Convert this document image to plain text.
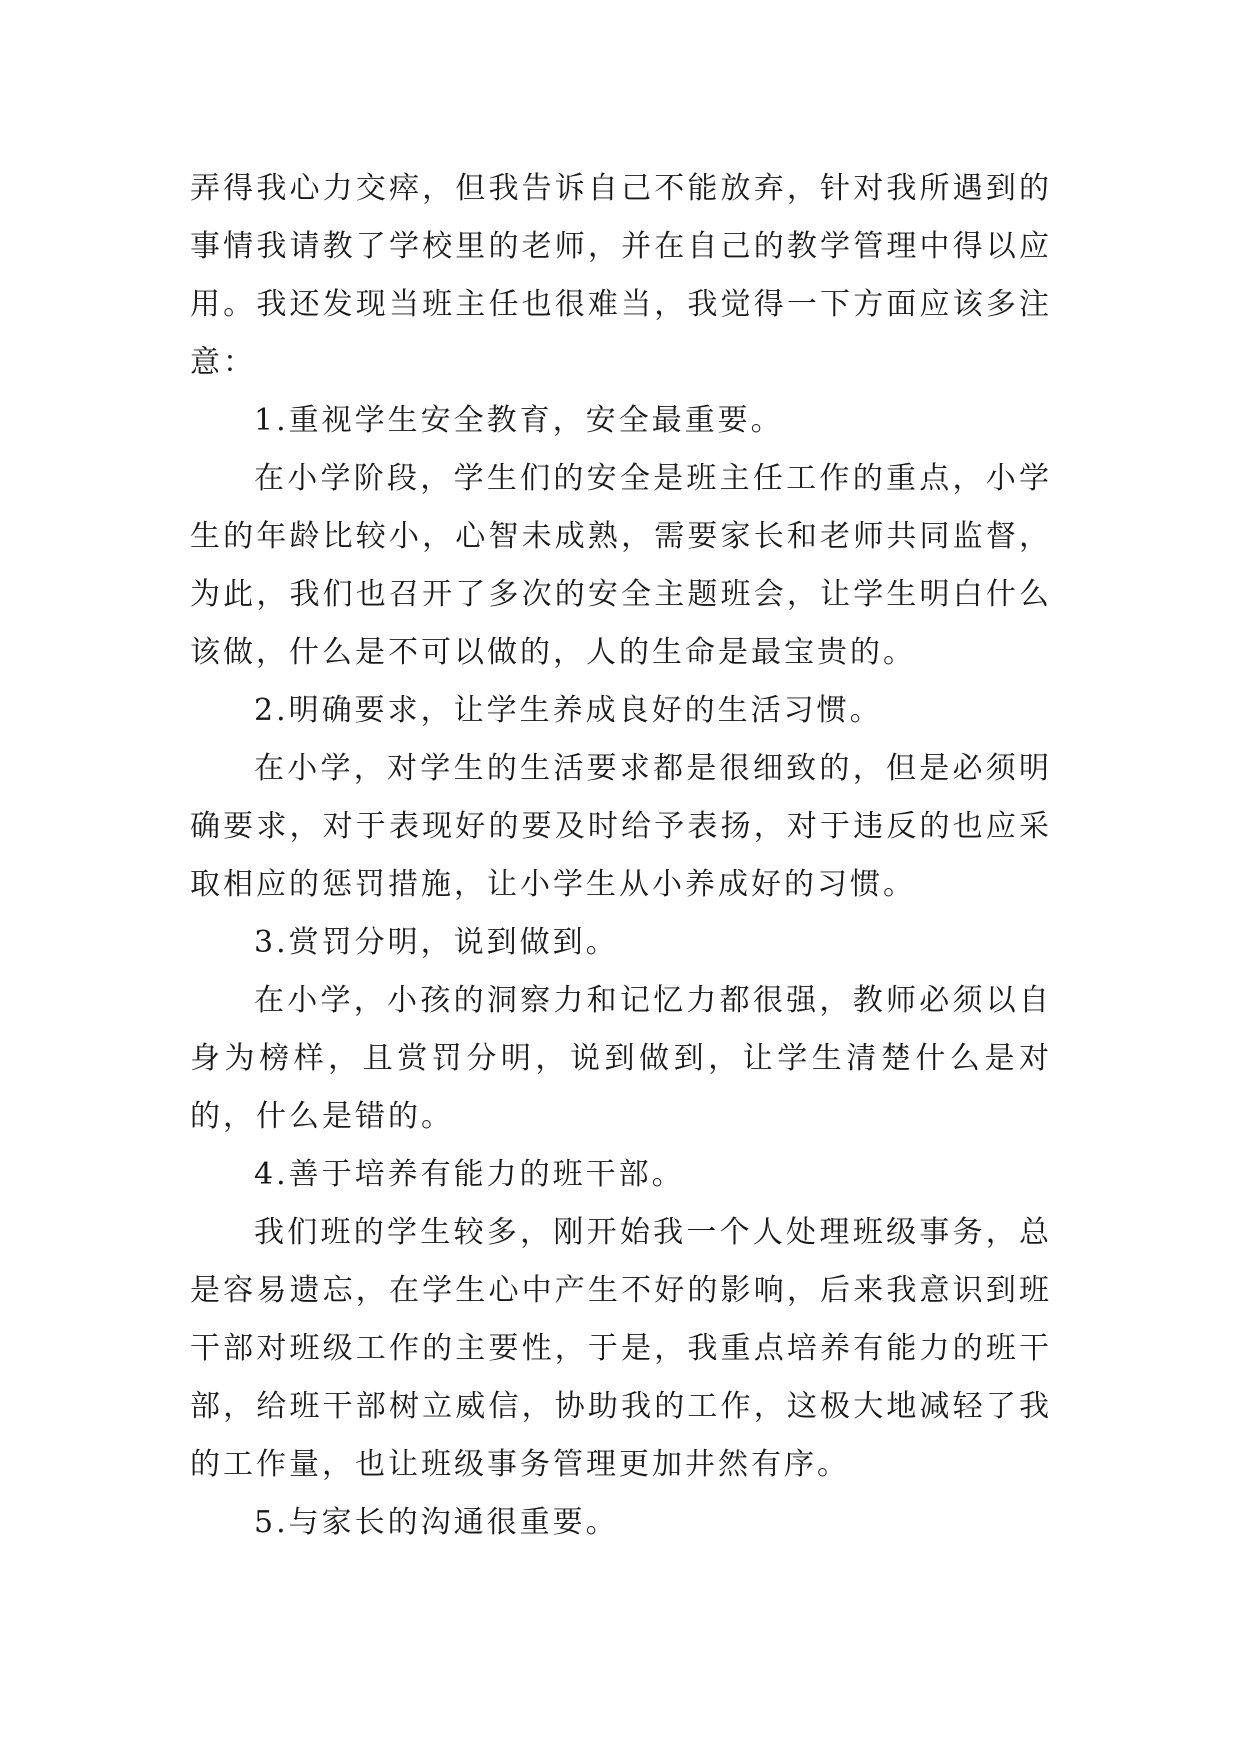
弄得我心力交瘁，但我告诉自己不能放弃，针对我所遇到的事情我请教了学校里的老师，并在自己的教学管理中得以应用。我还发现当班主任也很难当，我觉得一下方面应该多注意：

1.重视学生安全教育，安全最重要。

在小学阶段，学生们的安全是班主任工作的重点，小学生的年龄比较小，心智未成熟，需要家长和老师共同监督，为此，我们也召开了多次的安全主题班会，让学生明白什么该做，什么是不可以做的，人的生命是最宝贵的。

2.明确要求，让学生养成良好的生活习惯。

在小学，对学生的生活要求都是很细致的，但是必须明确要求，对于表现好的要及时给予表扬，对于违反的也应采取相应的惩罚措施，让小学生从小养成好的习惯。

3.赏罚分明，说到做到。

在小学，小孩的洞察力和记忆力都很强，教师必须以自身为榜样，且赏罚分明，说到做到，让学生清楚什么是对的，什么是错的。

4.善于培养有能力的班干部。

我们班的学生较多，刚开始我一个人处理班级事务，总是容易遗忘，在学生心中产生不好的影响，后来我意识到班干部对班级工作的主要性，于是，我重点培养有能力的班干部，给班干部树立威信，协助我的工作，这极大地减轻了我的工作量，也让班级事务管理更加井然有序。

5.与家长的沟通很重要。
